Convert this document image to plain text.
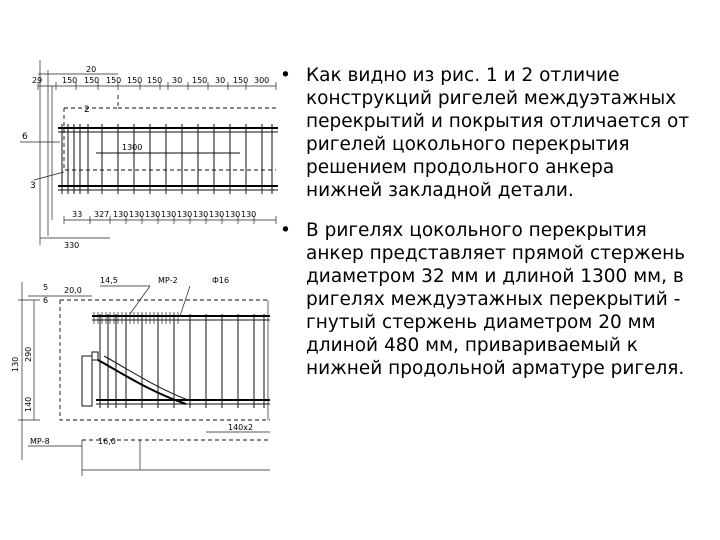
20
29 150 150 150 150 150 30 150 30 150 300
1300
2
6
3
33
330
327 130 130 130 130 130 130 130 130 130
5
6
20,0
14,5	МР-2	Ф16
290
130
140
МР-8	16,0
140х2
• Как видно из рис. 1 и 2 отличие конструкций ригелей междуэтажных перекрытий и покрытия отличается от ригелей цокольного перекрытия решением продольного анкера нижней закладной детали.
• В ригелях цокольного перекрытия анкер представляет прямой стержень диаметром 32 мм и длиной 1300 мм, в ригелях междуэтажных перекрытий - гнутый стержень диаметром 20 мм длиной 480 мм, привариваемый к нижней продольной арматуре ригеля.
